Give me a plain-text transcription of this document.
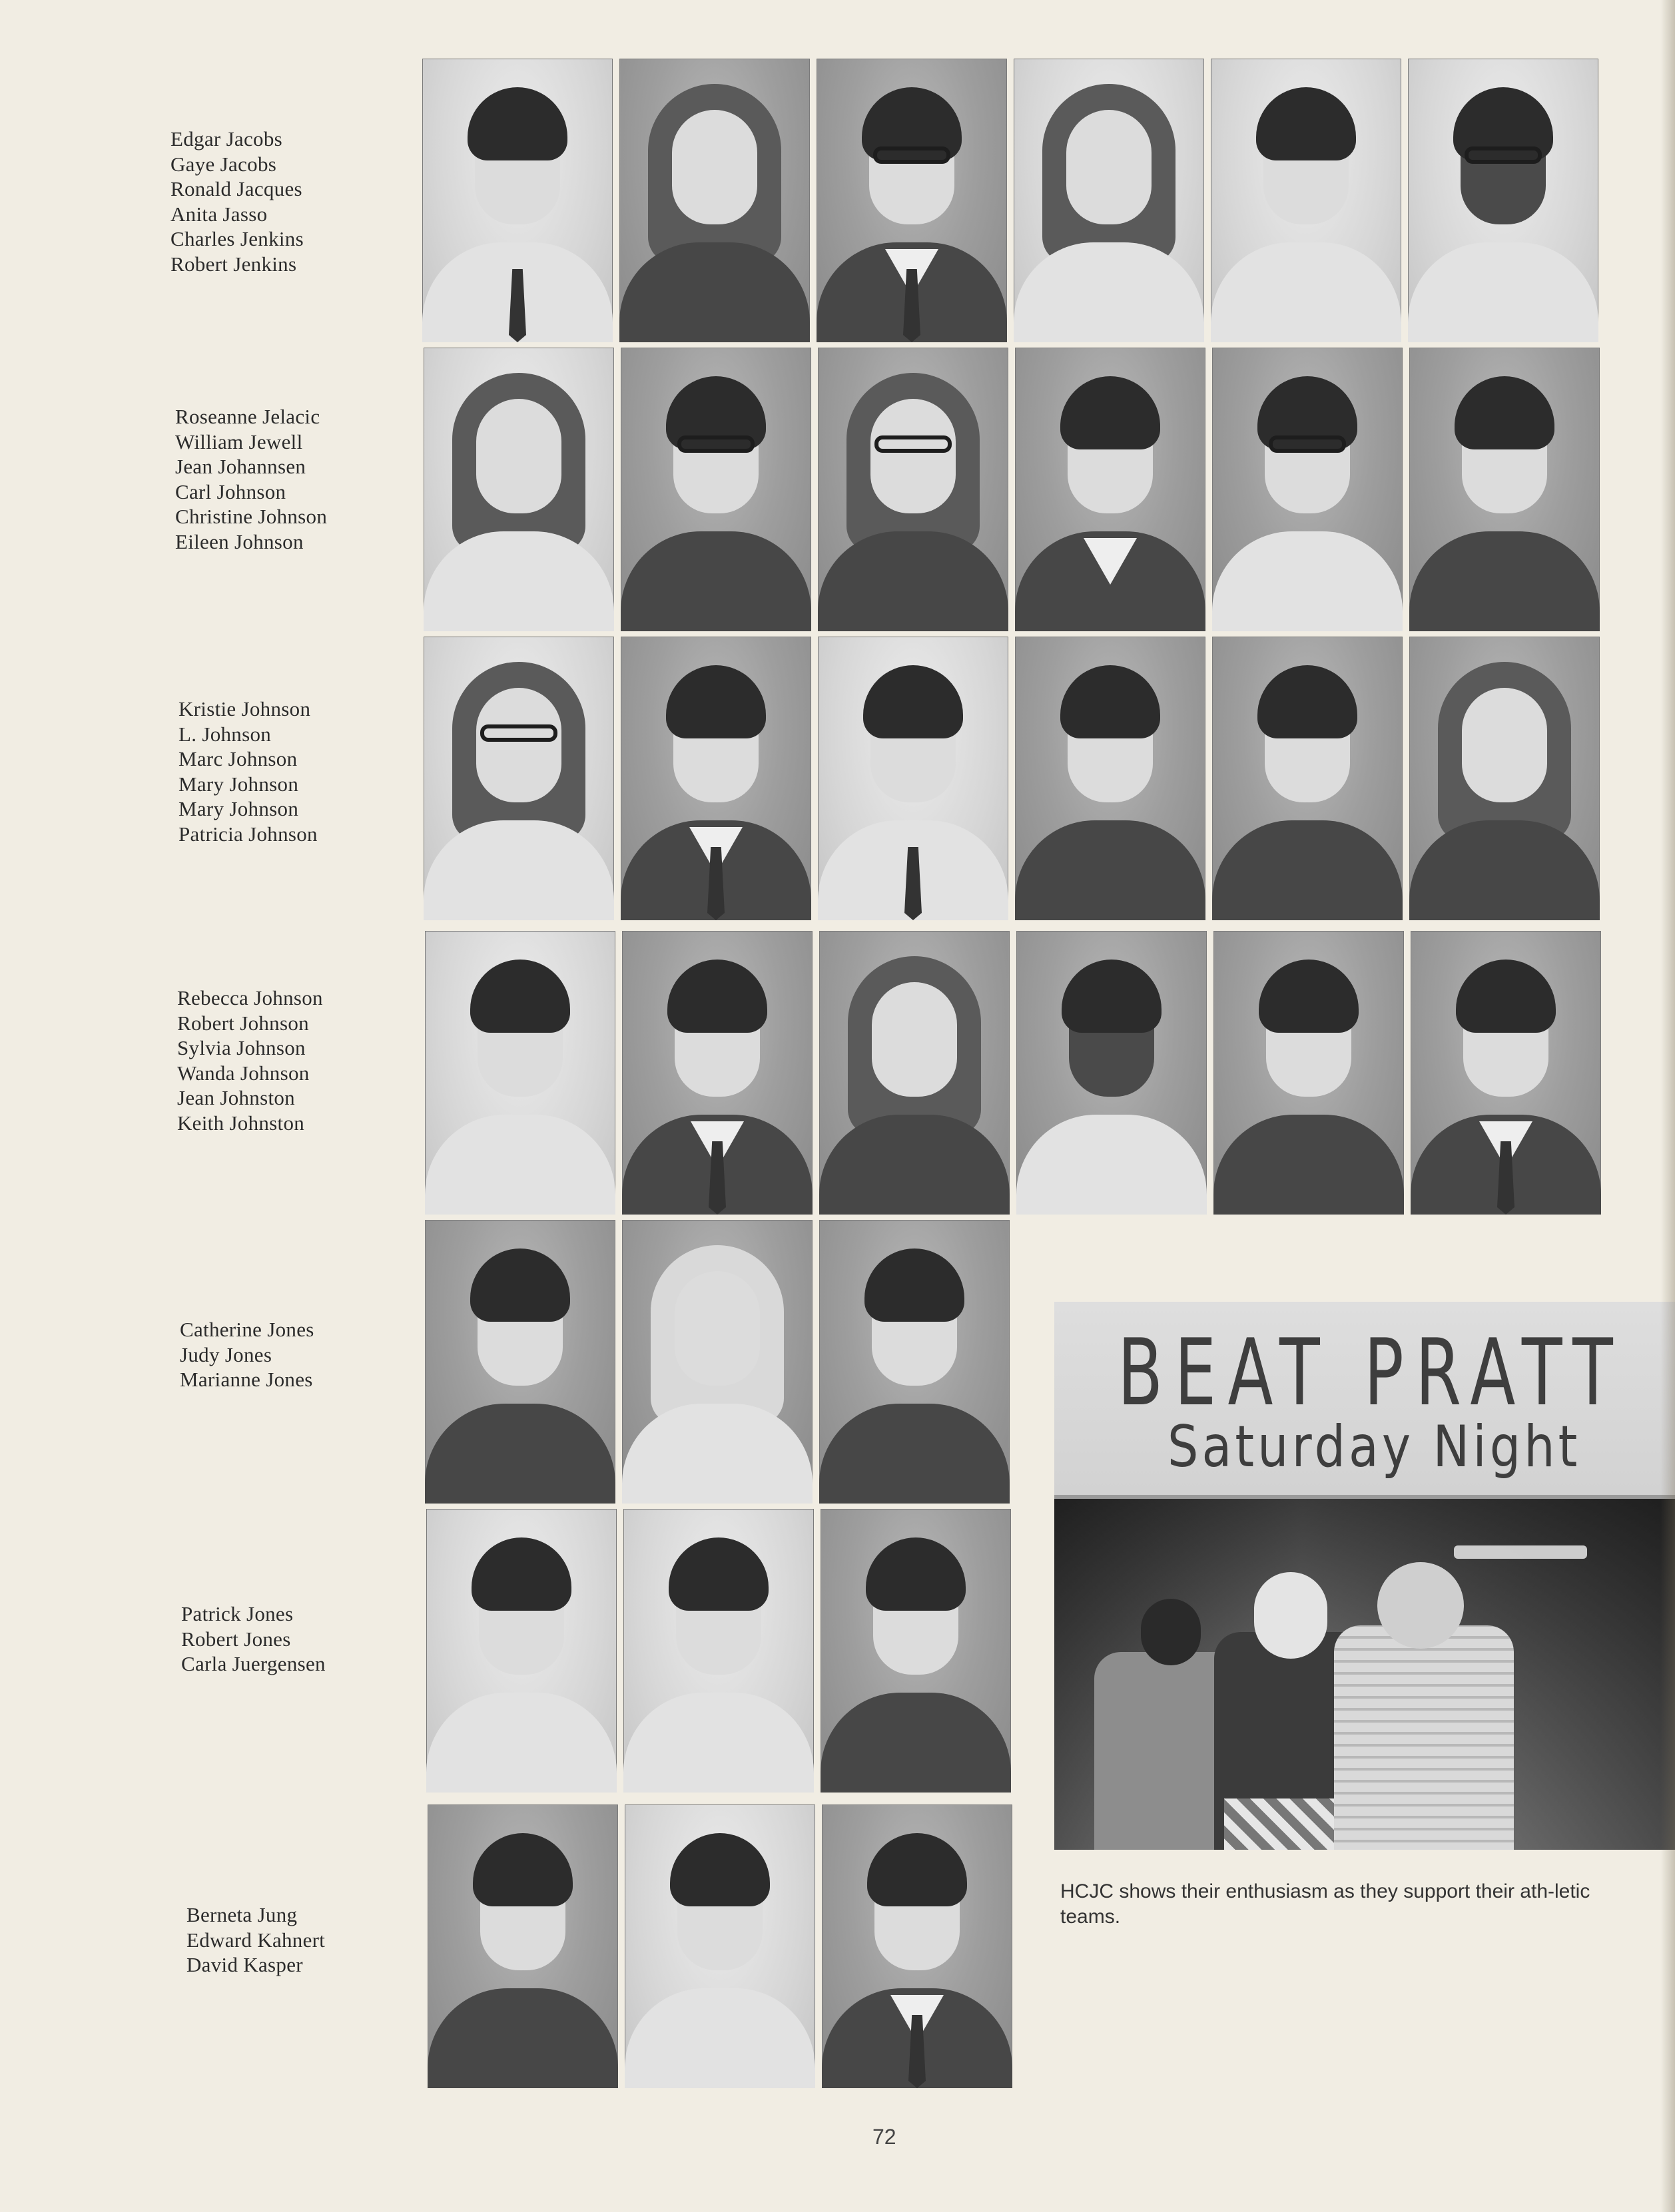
Edgar Jacobs
Gaye Jacobs
Ronald Jacques
Anita Jasso
Charles Jenkins
Robert Jenkins
Roseanne Jelacic
William Jewell
Jean Johannsen
Carl Johnson
Christine Johnson
Eileen Johnson
Kristie Johnson
L. Johnson
Marc Johnson
Mary Johnson
Mary Johnson
Patricia Johnson
Rebecca Johnson
Robert Johnson
Sylvia Johnson
Wanda Johnson
Jean Johnston
Keith Johnston
Catherine Jones
Judy Jones
Marianne Jones
Patrick Jones
Robert Jones
Carla Juergensen
Berneta Jung
Edward Kahnert
David Kasper
BEAT PRATT
Saturday Night

HCJC shows their enthusiasm as they support their ath-letic teams.

72
